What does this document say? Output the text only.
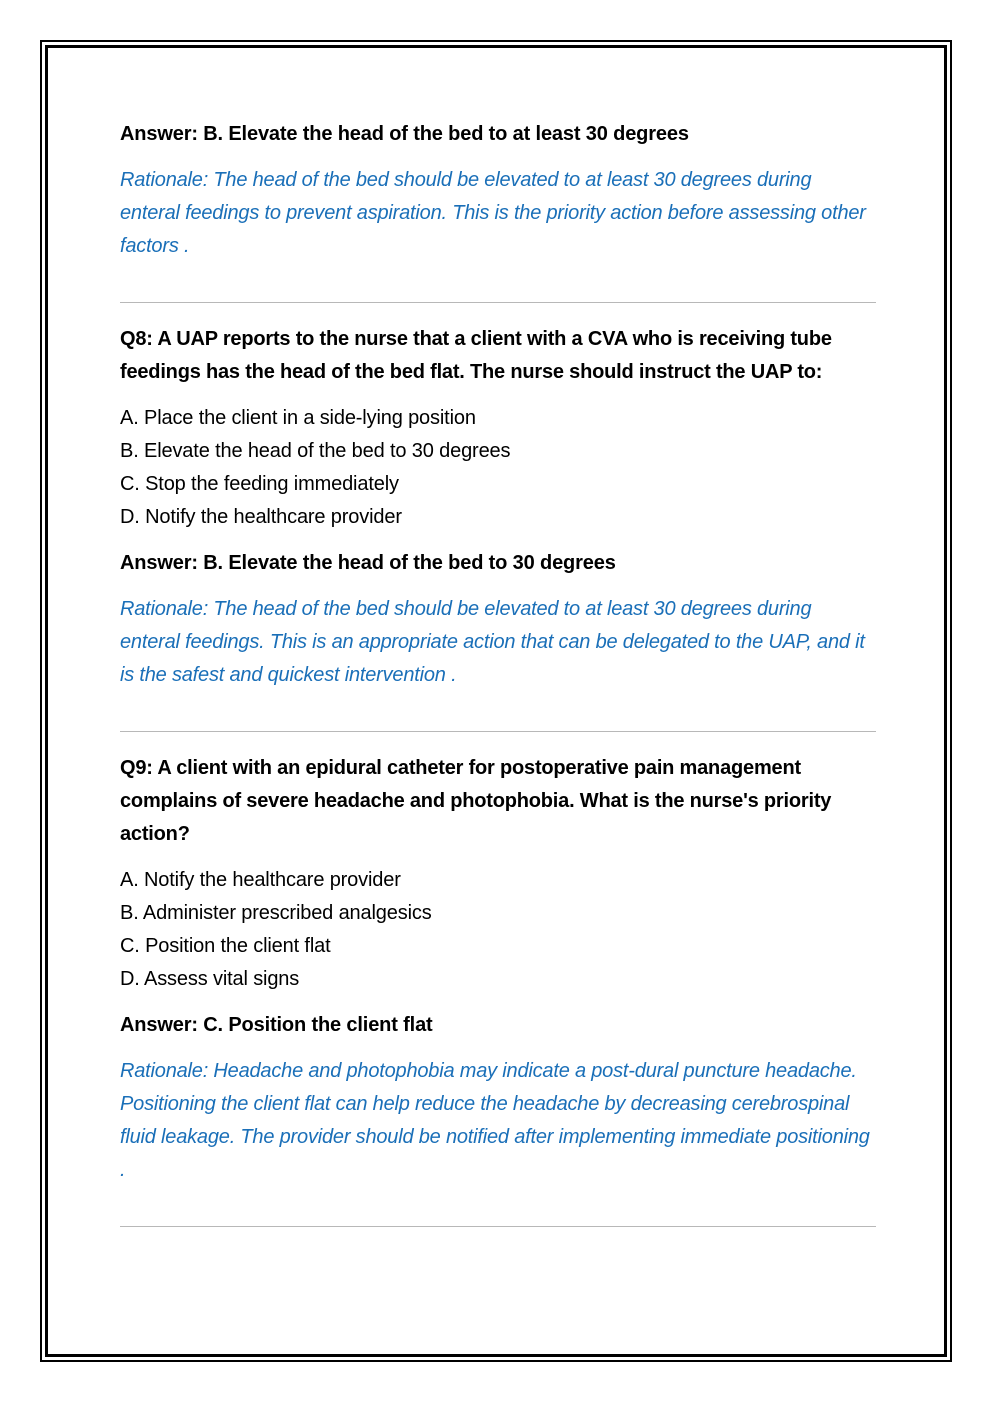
Answer: B. Elevate the head of the bed to at least 30 degrees

Rationale: The head of the bed should be elevated to at least 30 degrees during enteral feedings to prevent aspiration. This is the priority action before assessing other factors .

Q8: A UAP reports to the nurse that a client with a CVA who is receiving tube feedings has the head of the bed flat. The nurse should instruct the UAP to:

A. Place the client in a side-lying position
B. Elevate the head of the bed to 30 degrees
C. Stop the feeding immediately
D. Notify the healthcare provider

Answer: B. Elevate the head of the bed to 30 degrees

Rationale: The head of the bed should be elevated to at least 30 degrees during enteral feedings. This is an appropriate action that can be delegated to the UAP, and it is the safest and quickest intervention .

Q9: A client with an epidural catheter for postoperative pain management complains of severe headache and photophobia. What is the nurse's priority action?

A. Notify the healthcare provider
B. Administer prescribed analgesics
C. Position the client flat
D. Assess vital signs

Answer: C. Position the client flat

Rationale: Headache and photophobia may indicate a post-dural puncture headache. Positioning the client flat can help reduce the headache by decreasing cerebrospinal fluid leakage. The provider should be notified after implementing immediate positioning .
